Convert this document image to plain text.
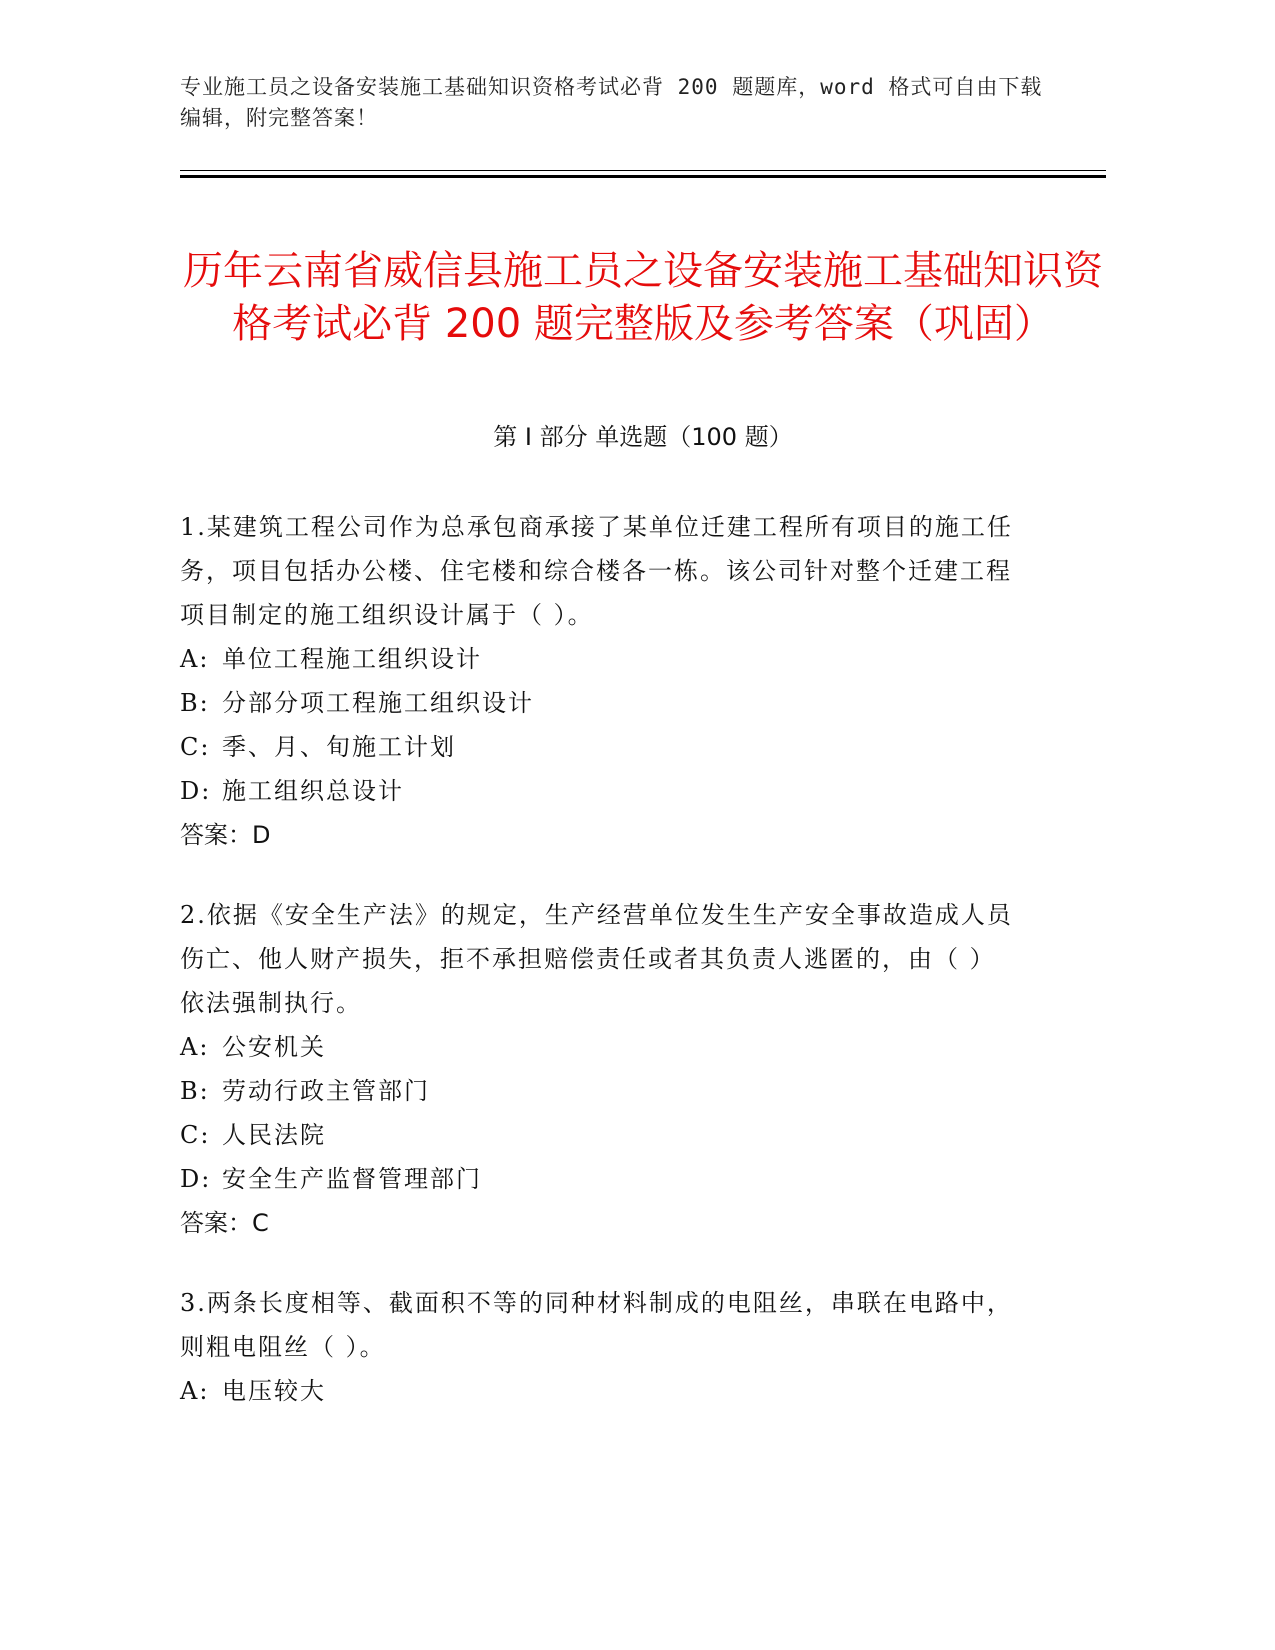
专业施工员之设备安装施工基础知识资格考试必背 200 题题库，word 格式可自由下载编辑，附完整答案！
历年云南省威信县施工员之设备安装施工基础知识资格考试必背 200 题完整版及参考答案（巩固）
第 I 部分 单选题（100 题）
1.某建筑工程公司作为总承包商承接了某单位迁建工程所有项目的施工任务，项目包括办公楼、住宅楼和综合楼各一栋。该公司针对整个迁建工程项目制定的施工组织设计属于（ ）。
A: 单位工程施工组织设计
B: 分部分项工程施工组织设计
C: 季、月、旬施工计划
D: 施工组织总设计
答案：D
2.依据《安全生产法》的规定，生产经营单位发生生产安全事故造成人员伤亡、他人财产损失，拒不承担赔偿责任或者其负责人逃匿的，由（ ）依法强制执行。
A: 公安机关
B: 劳动行政主管部门
C: 人民法院
D: 安全生产监督管理部门
答案：C
3.两条长度相等、截面积不等的同种材料制成的电阻丝，串联在电路中，则粗电阻丝（ ）。
A: 电压较大
